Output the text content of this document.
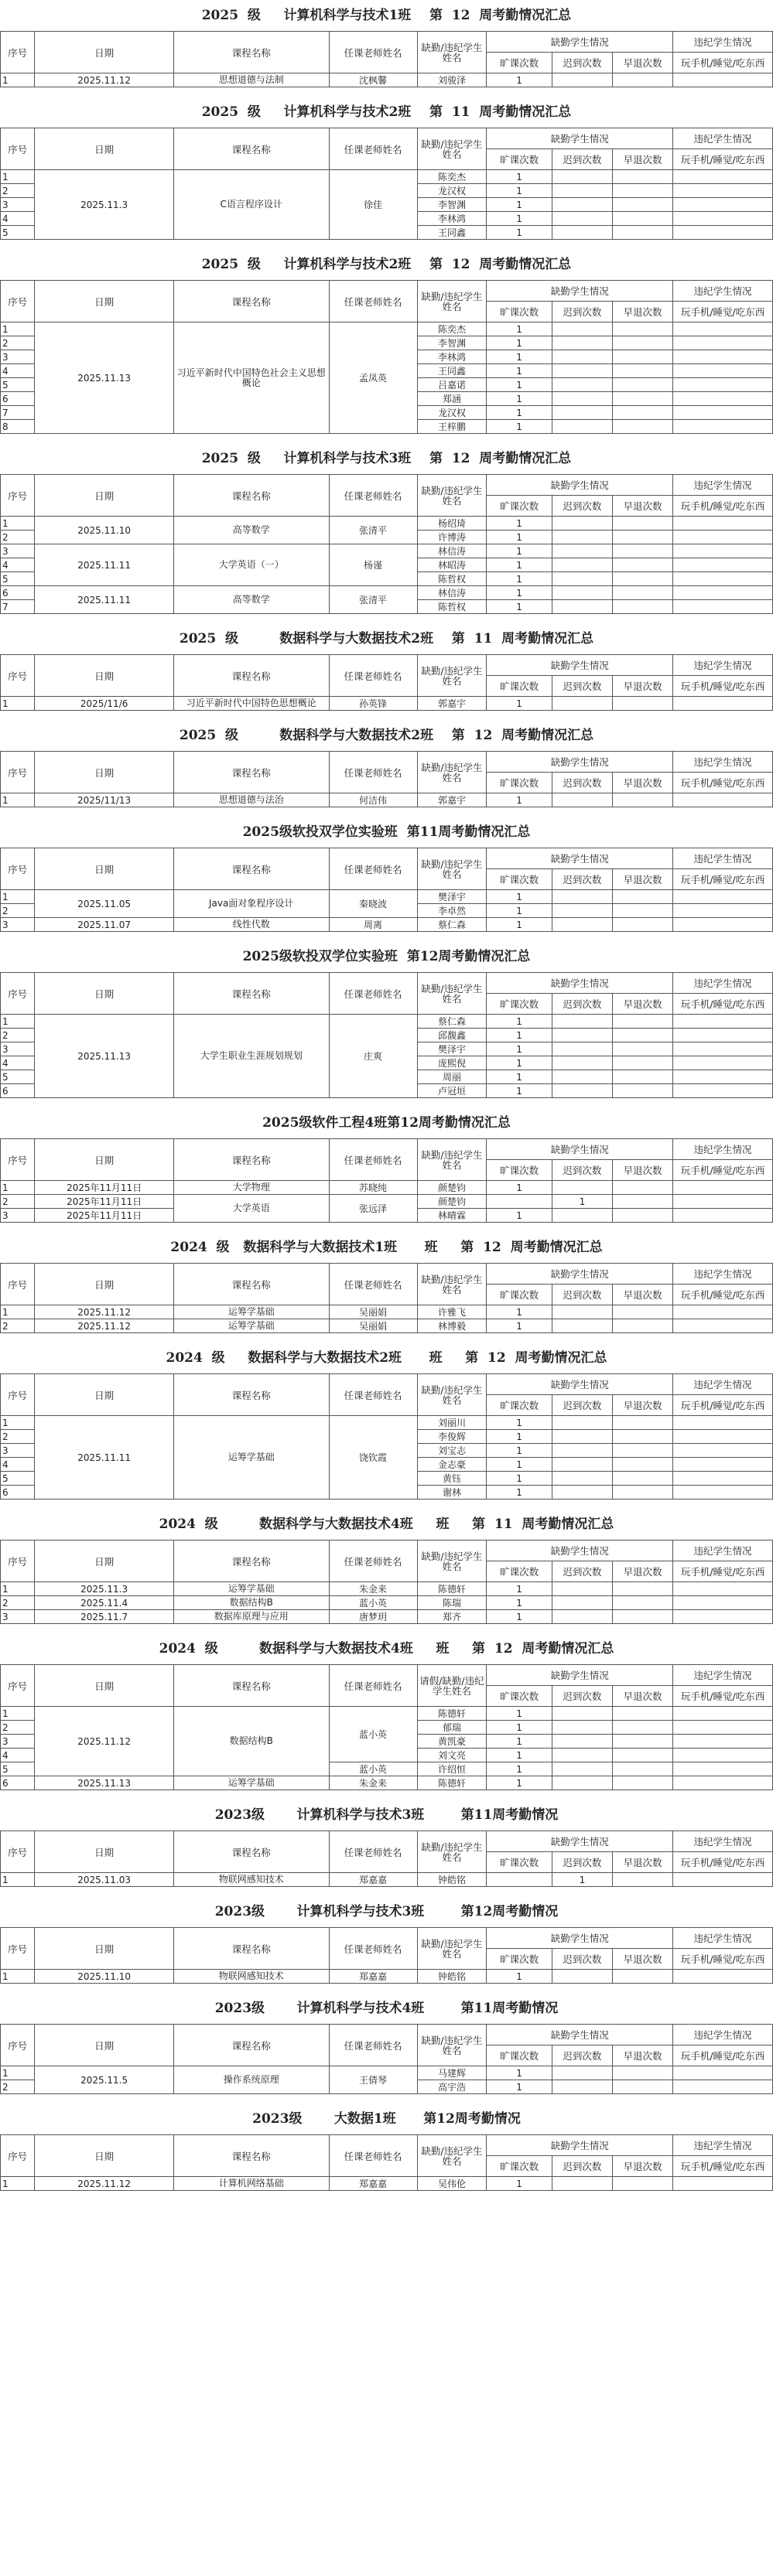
2025  级     计算机科学与技术1班    第  12  周考勤情况汇总
序号	日期	课程名称	任课老师姓名	缺勤/违纪学生姓名	缺勤学生情况			违纪学生情况
					旷课次数	迟到次数	早退次数	玩手机/睡觉/吃东西
1	2025.11.12	思想道德与法制	沈枫馨	刘骏泽	1			
2025  级     计算机科学与技术2班    第  11  周考勤情况汇总
序号	日期	课程名称	任课老师姓名	缺勤/违纪学生姓名	缺勤学生情况			违纪学生情况
					旷课次数	迟到次数	早退次数	玩手机/睡觉/吃东西
1	2025.11.3	C语言程序设计	徐佳	陈奕杰	1			
2				龙汉权	1			
3				李智渊	1			
4				李林鸿	1			
5				王同鑫	1			
2025  级     计算机科学与技术2班    第  12  周考勤情况汇总
序号	日期	课程名称	任课老师姓名	缺勤/违纪学生姓名	缺勤学生情况			违纪学生情况
					旷课次数	迟到次数	早退次数	玩手机/睡觉/吃东西
1	2025.11.13	习近平新时代中国特色社会主义思想概论	孟凤英	陈奕杰	1			
2				李智渊	1			
3				李林鸿	1			
4				王同鑫	1			
5				吕嘉诺	1			
6				郑涵	1			
7				龙汉权	1			
8				王梓鹏	1			
2025  级     计算机科学与技术3班    第  12  周考勤情况汇总
序号	日期	课程名称	任课老师姓名	缺勤/违纪学生姓名	缺勤学生情况			违纪学生情况
					旷课次数	迟到次数	早退次数	玩手机/睡觉/吃东西
1	2025.11.10	高等数学	张清平	杨绍琦	1			
2				许博涛	1			
3	2025.11.11	大学英语（一）	杨谨	林信涛	1			
4				林昭涛	1			
5				陈哲权	1			
6	2025.11.11	高等数学	张清平	林信涛	1			
7				陈哲权	1			
2025  级         数据科学与大数据技术2班    第  11  周考勤情况汇总
序号	日期	课程名称	任课老师姓名	缺勤/违纪学生姓名	缺勤学生情况			违纪学生情况
					旷课次数	迟到次数	早退次数	玩手机/睡觉/吃东西
1	2025/11/6	习近平新时代中国特色思想概论	孙英锋	郭嘉宇	1			
2025  级         数据科学与大数据技术2班    第  12  周考勤情况汇总
序号	日期	课程名称	任课老师姓名	缺勤/违纪学生姓名	缺勤学生情况			违纪学生情况
					旷课次数	迟到次数	早退次数	玩手机/睡觉/吃东西
1	2025/11/13	思想道德与法治	何洁伟	郭嘉宇	1			
2025级软投双学位实验班  第11周考勤情况汇总
序号	日期	课程名称	任课老师姓名	缺勤/违纪学生姓名	缺勤学生情况			违纪学生情况
					旷课次数	迟到次数	早退次数	玩手机/睡觉/吃东西
1	2025.11.05	Java面对象程序设计	秦晓波	樊泽宇	1			
2				李卓然	1			
3	2025.11.07	线性代数	周离	蔡仁森	1			
2025级软投双学位实验班  第12周考勤情况汇总
序号	日期	课程名称	任课老师姓名	缺勤/违纪学生姓名	缺勤学生情况			违纪学生情况
					旷课次数	迟到次数	早退次数	玩手机/睡觉/吃东西
1	2025.11.13	大学生职业生涯规划规划	庄爽	蔡仁森	1			
2				邱馥鑫	1			
3				樊泽宇	1			
4				庞熙倪	1			
5				周丽	1			
6				卢冠垣	1			
2025级软件工程4班第12周考勤情况汇总
序号	日期	课程名称	任课老师姓名	缺勤/违纪学生姓名	缺勤学生情况			违纪学生情况
					旷课次数	迟到次数	早退次数	玩手机/睡觉/吃东西
1	2025年11月11日	大学物理	苏晓纯	颜楚钧	1			
2	2025年11月11日	大学英语	张远泽	颜楚钧		1		
3	2025年11月11日			林晴霖	1			
2024  级   数据科学与大数据技术1班      班     第  12  周考勤情况汇总
序号	日期	课程名称	任课老师姓名	缺勤/违纪学生姓名	缺勤学生情况			违纪学生情况
					旷课次数	迟到次数	早退次数	玩手机/睡觉/吃东西
1	2025.11.12	运筹学基础	吴丽娟	许雅飞	1			
2	2025.11.12	运筹学基础	吴丽娟	林博毅	1			
2024  级     数据科学与大数据技术2班      班     第  12  周考勤情况汇总
序号	日期	课程名称	任课老师姓名	缺勤/违纪学生姓名	缺勤学生情况			违纪学生情况
					旷课次数	迟到次数	早退次数	玩手机/睡觉/吃东西
1	2025.11.11	运筹学基础	饶钦霞	刘丽川	1			
2				李俊辉	1			
3				刘宝志	1			
4				金志豪	1			
5				黄钰	1			
6				谢林	1			
2024  级         数据科学与大数据技术4班     班     第  11  周考勤情况汇总
序号	日期	课程名称	任课老师姓名	缺勤/违纪学生姓名	缺勤学生情况			违纪学生情况
					旷课次数	迟到次数	早退次数	玩手机/睡觉/吃东西
1	2025.11.3	运筹学基础	朱金来	陈德轩	1			
2	2025.11.4	数据结构B	蓝小英	陈瑞	1			
3	2025.11.7	数据库原理与应用	唐梦玥	郑齐	1			
2024  级         数据科学与大数据技术4班     班     第  12  周考勤情况汇总
序号	日期	课程名称	任课老师姓名	请假/缺勤/违纪学生姓名	缺勤学生情况			违纪学生情况
					旷课次数	迟到次数	早退次数	玩手机/睡觉/吃东西
1	2025.11.12	数据结构B	蓝小英	陈德轩	1			
2				郁瑞	1			
3				黄凯豪	1			
4				刘文亮	1			
5			蓝小英	许绍恒	1			
6	2025.11.13	运筹学基础	朱金来	陈德轩	1			
2023级       计算机科学与技术3班        第11周考勤情况
序号	日期	课程名称	任课老师姓名	缺勤/违纪学生姓名	缺勤学生情况			违纪学生情况
					旷课次数	迟到次数	早退次数	玩手机/睡觉/吃东西
1	2025.11.03	物联网感知技术	郑嘉嘉	钟皓铭		1		
2023级       计算机科学与技术3班        第12周考勤情况
序号	日期	课程名称	任课老师姓名	缺勤/违纪学生姓名	缺勤学生情况			违纪学生情况
					旷课次数	迟到次数	早退次数	玩手机/睡觉/吃东西
1	2025.11.10	物联网感知技术	郑嘉嘉	钟皓铭	1			
2023级       计算机科学与技术4班        第11周考勤情况
序号	日期	课程名称	任课老师姓名	缺勤/违纪学生姓名	缺勤学生情况			违纪学生情况
					旷课次数	迟到次数	早退次数	玩手机/睡觉/吃东西
1	2025.11.5	操作系统原理	王倩琴	马建辉	1			
2				高宇浩	1			
2023级       大数据1班      第12周考勤情况
序号	日期	课程名称	任课老师姓名	缺勤/违纪学生姓名	缺勤学生情况			违纪学生情况
					旷课次数	迟到次数	早退次数	玩手机/睡觉/吃东西
1	2025.11.12	计算机网络基础	郑嘉嘉	吴伟伦	1			
